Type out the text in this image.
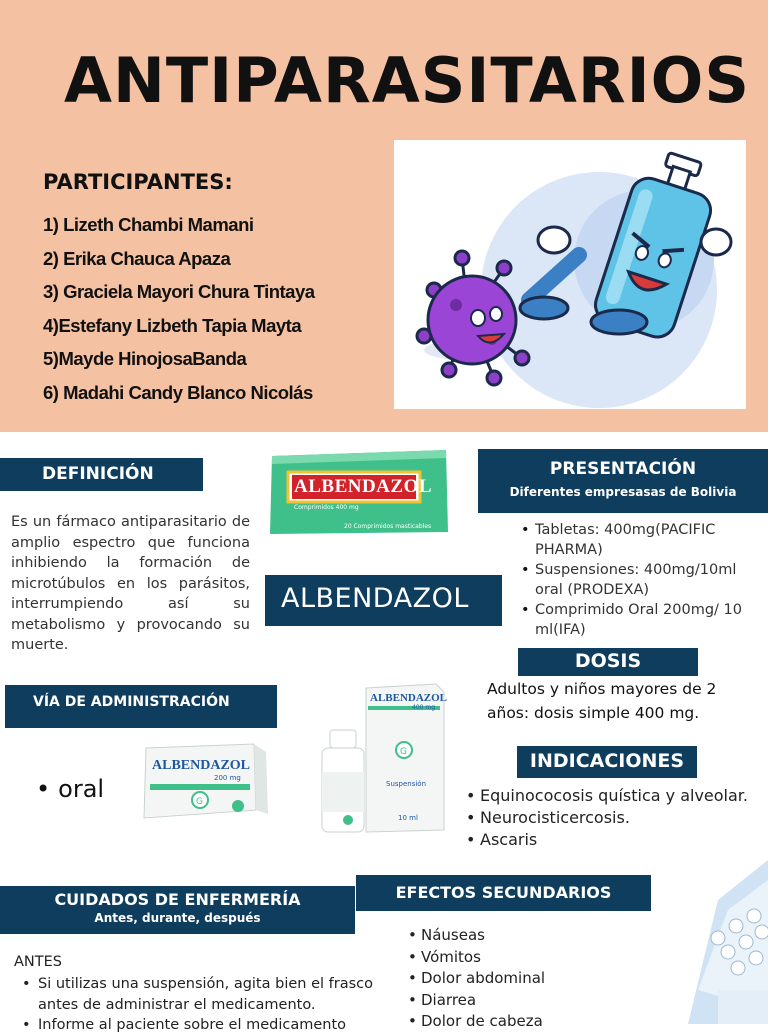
ANTIPARASITARIOS
PARTICIPANTES:
1) Lizeth Chambi Mamani
2) Erika Chauca Apaza
3) Graciela Mayori Chura Tintaya
4)Estefany Lizbeth Tapia Mayta
5)Mayde HinojosaBanda
6) Madahi Candy Blanco Nicolás
DEFINICIÓN

Es un fármaco antiparasitario de amplio espectro que funciona inhibiendo la formación de microtúbulos en los parásitos, interrumpiendo así su metabolismo y provocando su muerte.

ALBENDAZOL
Comprimidos 400 mg
20 Comprimidos masticables
PRESENTACIÓN
Diferentes empresasas de Bolivia
• Tabletas: 400mg(PACIFIC PHARMA)
• Suspensiones: 400mg/10ml oral (PRODEXA)
• Comprimido Oral 200mg/ 10 ml(IFA)
ALBENDAZOL
DOSIS

Adultos y niños mayores de 2 años: dosis simple 400 mg.

VÍA DE ADMINISTRACIÓN
• oral	G
ALBENDAZOL
200 mg
G
ALBENDAZOL
400 mg
Suspensión
10 ml
INDICACIONES
• Equinococosis quística y alveolar.
• Neurocisticercosis.
• Ascaris
CUIDADOS DE ENFERMERÍA
Antes, durante, después
ANTES
• Si utilizas una suspensión, agita bien el frasco antes de administrar el medicamento.
• Informe al paciente sobre el medicamento
EFECTOS SECUNDARIOS
• Náuseas
• Vómitos
• Dolor abdominal
• Diarrea
• Dolor de cabeza
